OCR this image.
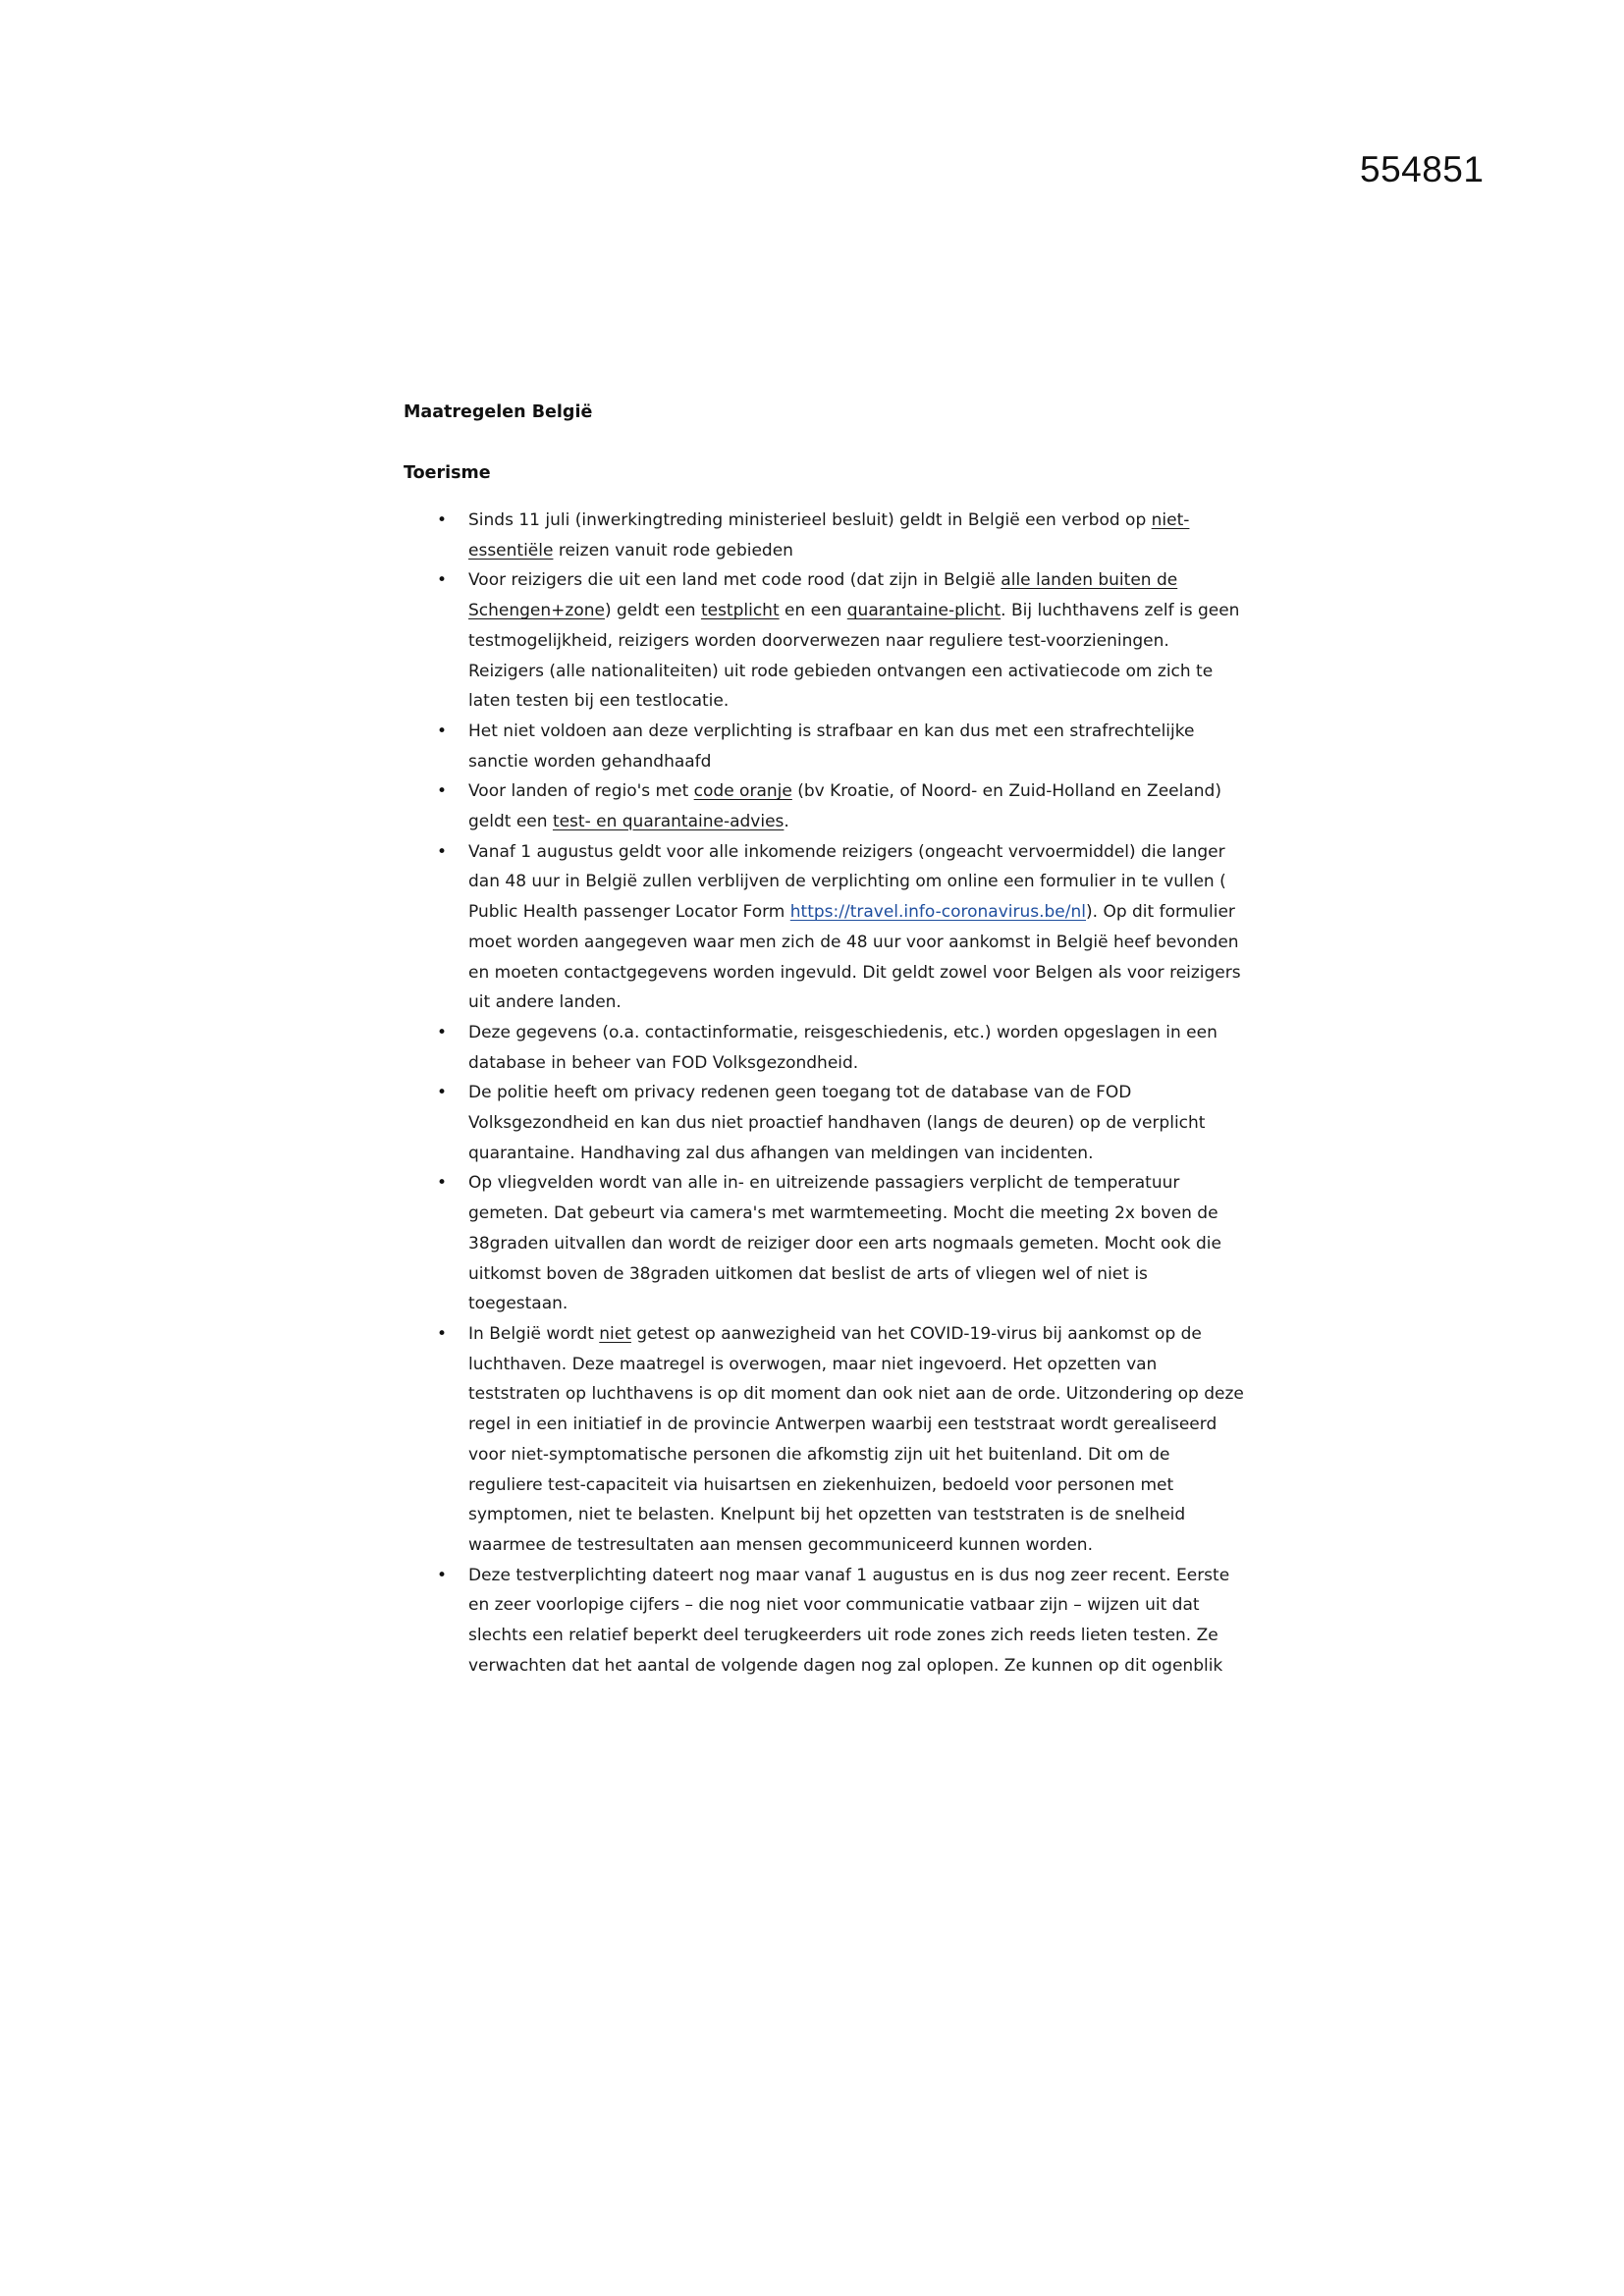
554851
Maatregelen België
Toerisme
• Sinds 11 juli (inwerkingtreding ministerieel besluit) geldt in België een verbod op niet-essentiële reizen vanuit rode gebieden
• Voor reizigers die uit een land met code rood (dat zijn in België alle landen buiten de Schengen+zone) geldt een testplicht en een quarantaine-plicht. Bij luchthavens zelf is geen testmogelijkheid, reizigers worden doorverwezen naar reguliere test-voorzieningen. Reizigers (alle nationaliteiten) uit rode gebieden ontvangen een activatiecode om zich te laten testen bij een testlocatie.
• Het niet voldoen aan deze verplichting is strafbaar en kan dus met een strafrechtelijke sanctie worden gehandhaafd
• Voor landen of regio's met code oranje (bv Kroatie, of Noord- en Zuid-Holland en Zeeland) geldt een test- en quarantaine-advies.
• Vanaf 1 augustus geldt voor alle inkomende reizigers (ongeacht vervoermiddel) die langer dan 48 uur in België zullen verblijven de verplichting om online een formulier in te vullen ( Public Health passenger Locator Form https://travel.info-coronavirus.be/nl). Op dit formulier moet worden aangegeven waar men zich de 48 uur voor aankomst in België heef bevonden en moeten contactgegevens worden ingevuld. Dit geldt zowel voor Belgen als voor reizigers uit andere landen.
• Deze gegevens (o.a. contactinformatie, reisgeschiedenis, etc.) worden opgeslagen in een database in beheer van FOD Volksgezondheid.
• De politie heeft om privacy redenen geen toegang tot de database van de FOD Volksgezondheid en kan dus niet proactief handhaven (langs de deuren) op de verplicht quarantaine. Handhaving zal dus afhangen van meldingen van incidenten.
• Op vliegvelden wordt van alle in- en uitreizende passagiers verplicht de temperatuur gemeten. Dat gebeurt via camera's met warmtemeeting. Mocht die meeting 2x boven de 38graden uitvallen dan wordt de reiziger door een arts nogmaals gemeten. Mocht ook die uitkomst boven de 38graden uitkomen dat beslist de arts of vliegen wel of niet is toegestaan.
• In België wordt niet getest op aanwezigheid van het COVID-19-virus bij aankomst op de luchthaven. Deze maatregel is overwogen, maar niet ingevoerd. Het opzetten van teststraten op luchthavens is op dit moment dan ook niet aan de orde. Uitzondering op deze regel in een initiatief in de provincie Antwerpen waarbij een teststraat wordt gerealiseerd voor niet-symptomatische personen die afkomstig zijn uit het buitenland. Dit om de reguliere test-capaciteit via huisartsen en ziekenhuizen, bedoeld voor personen met symptomen, niet te belasten. Knelpunt bij het opzetten van teststraten is de snelheid waarmee de testresultaten aan mensen gecommuniceerd kunnen worden.
• Deze testverplichting dateert nog maar vanaf 1 augustus en is dus nog zeer recent. Eerste en zeer voorlopige cijfers – die nog niet voor communicatie vatbaar zijn – wijzen uit dat slechts een relatief beperkt deel terugkeerders uit rode zones zich reeds lieten testen. Ze verwachten dat het aantal de volgende dagen nog zal oplopen. Ze kunnen op dit ogenblik
